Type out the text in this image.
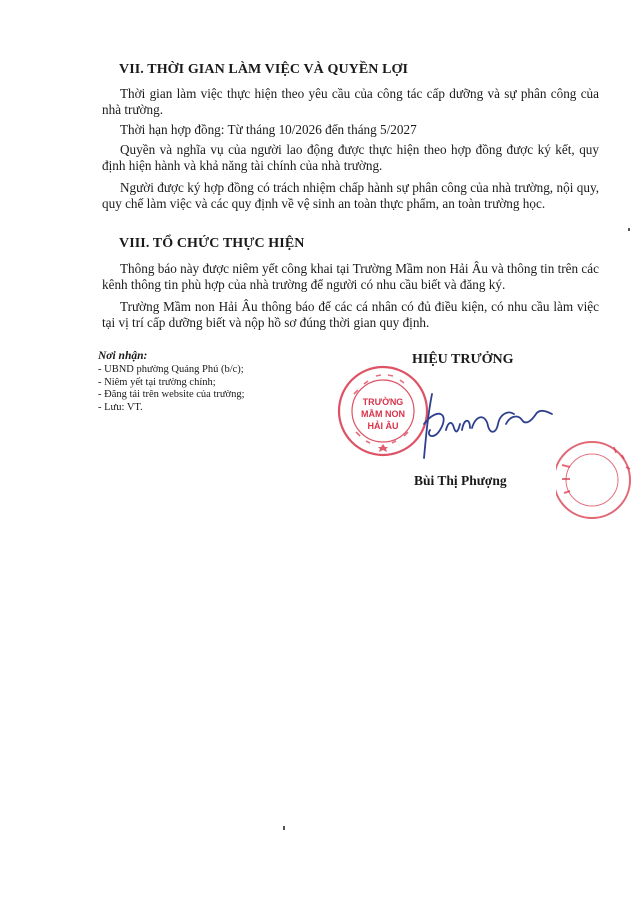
VII. THỜI GIAN LÀM VIỆC VÀ QUYỀN LỢI
Thời gian làm việc thực hiện theo yêu cầu của công tác cấp dưỡng và sự phân công của nhà trường.
Thời hạn hợp đồng: Từ tháng 10/2026 đến tháng 5/2027
Quyền và nghĩa vụ của người lao động được thực hiện theo hợp đồng được ký kết, quy định hiện hành và khả năng tài chính của nhà trường.
Người được ký hợp đồng có trách nhiệm chấp hành sự phân công của nhà trường, nội quy, quy chế làm việc và các quy định về vệ sinh an toàn thực phẩm, an toàn trường học.
VIII. TỔ CHỨC THỰC HIỆN
Thông báo này được niêm yết công khai tại Trường Mầm non Hải Âu và thông tin trên các kênh thông tin phù hợp của nhà trường để người có nhu cầu biết và đăng ký.
Trường Mầm non Hải Âu thông báo để các cá nhân có đủ điều kiện, có nhu cầu làm việc tại vị trí cấp dưỡng biết và nộp hồ sơ đúng thời gian quy định.
Nơi nhận:
- UBND phường Quảng Phú (b/c);
- Niêm yết tại trường chính;
- Đăng tải trên website của trường;
- Lưu: VT.
HIỆU TRƯỞNG
TRƯỜNG
MẦM NON
HẢI ÂU
Bùi Thị Phượng
